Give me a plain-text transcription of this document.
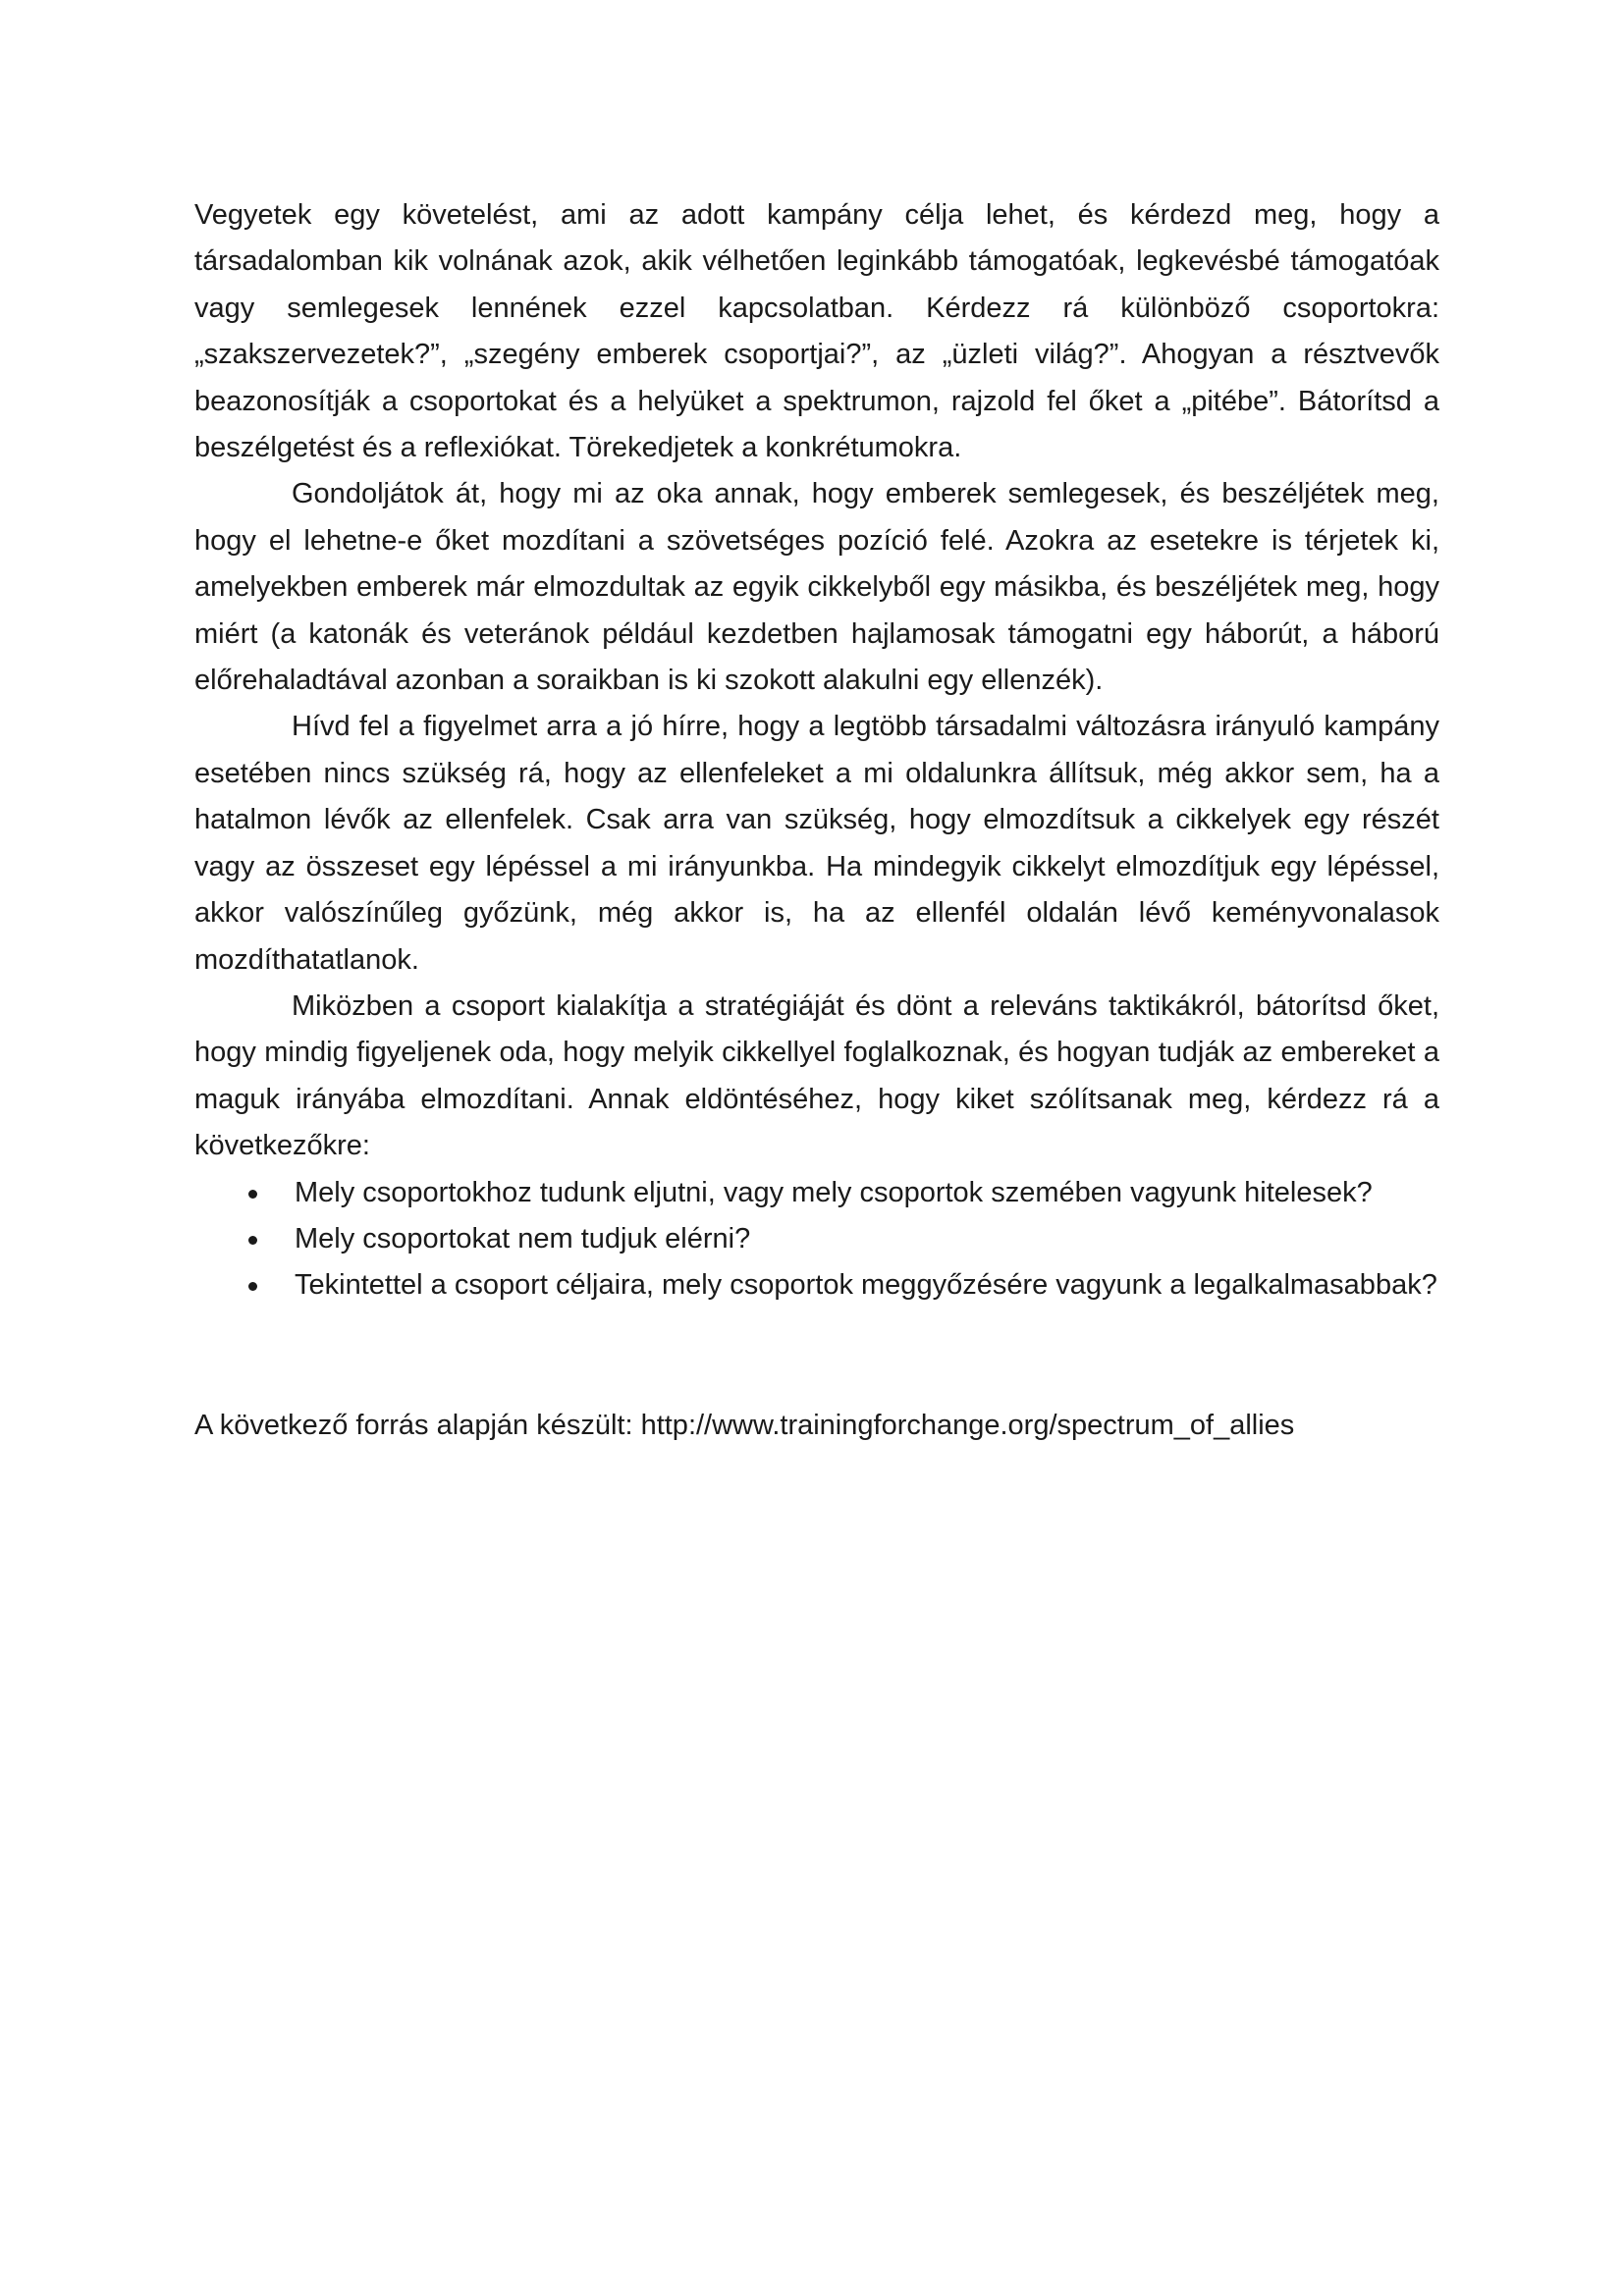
Vegyetek egy követelést, ami az adott kampány célja lehet, és kérdezd meg, hogy a társadalomban kik volnának azok, akik vélhetően leginkább támogatóak, legkevésbé támogatóak vagy semlegesek lennének ezzel kapcsolatban. Kérdezz rá különböző csoportokra: „szakszervezetek?”, „szegény emberek csoportjai?”, az „üzleti világ?”. Ahogyan a résztvevők beazonosítják a csoportokat és a helyüket a spektrumon, rajzold fel őket a „pitébe”. Bátorítsd a beszélgetést és a reflexiókat. Törekedjetek a konkrétumokra.

Gondoljátok át, hogy mi az oka annak, hogy emberek semlegesek, és beszéljétek meg, hogy el lehetne-e őket mozdítani a szövetséges pozíció felé. Azokra az esetekre is térjetek ki, amelyekben emberek már elmozdultak az egyik cikkelyből egy másikba, és beszéljétek meg, hogy miért (a katonák és veteránok például kezdetben hajlamosak támogatni egy háborút, a háború előrehaladtával azonban a soraikban is ki szokott alakulni egy ellenzék).

Hívd fel a figyelmet arra a jó hírre, hogy a legtöbb társadalmi változásra irányuló kampány esetében nincs szükség rá, hogy az ellenfeleket a mi oldalunkra állítsuk, még akkor sem, ha a hatalmon lévők az ellenfelek. Csak arra van szükség, hogy elmozdítsuk a cikkelyek egy részét vagy az összeset egy lépéssel a mi irányunkba. Ha mindegyik cikkelyt elmozdítjuk egy lépéssel, akkor valószínűleg győzünk, még akkor is, ha az ellenfél oldalán lévő keményvonalasok mozdíthatatlanok.

Miközben a csoport kialakítja a stratégiáját és dönt a releváns taktikákról, bátorítsd őket, hogy mindig figyeljenek oda, hogy melyik cikkellyel foglalkoznak, és hogyan tudják az embereket a maguk irányába elmozdítani. Annak eldöntéséhez, hogy kiket szólítsanak meg, kérdezz rá a következőkre:

Mely csoportokhoz tudunk eljutni, vagy mely csoportok szemében vagyunk hitelesek?
Mely csoportokat nem tudjuk elérni?
Tekintettel a csoport céljaira, mely csoportok meggyőzésére vagyunk a legalkalmasabbak?

A következő forrás alapján készült: http://www.trainingforchange.org/spectrum_of_allies
